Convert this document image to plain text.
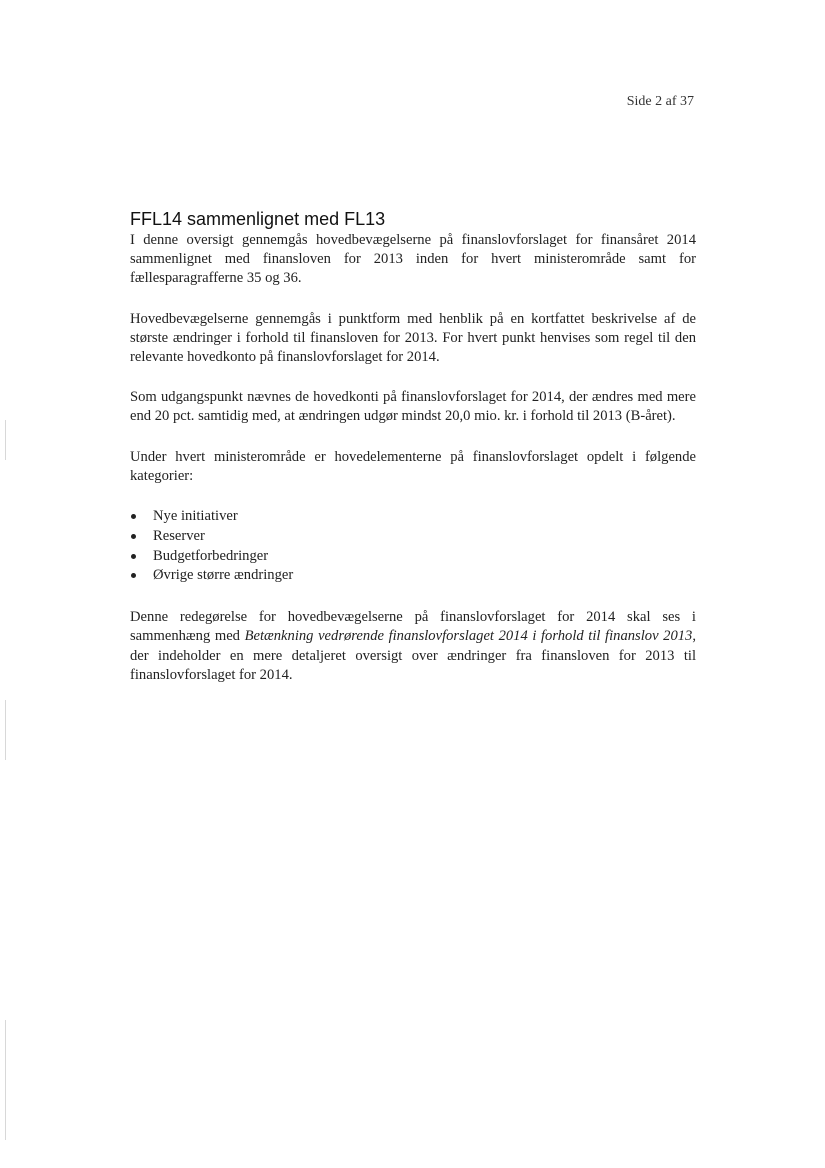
Side 2 af 37
FFL14 sammenlignet med FL13

I denne oversigt gennemgås hovedbevægelserne på finanslovforslaget for finansåret 2014 sammenlignet med finansloven for 2013 inden for hvert ministerområde samt for fællesparagrafferne 35 og 36.

Hovedbevægelserne gennemgås i punktform med henblik på en kortfattet beskrivelse af de største ændringer i forhold til finansloven for 2013. For hvert punkt henvises som regel til den relevante hovedkonto på finanslovforslaget for 2014.

Som udgangspunkt nævnes de hovedkonti på finanslovforslaget for 2014, der ændres med mere end 20 pct. samtidig med, at ændringen udgør mindst 20,0 mio. kr. i forhold til 2013 (B-året).

Under hvert ministerområde er hovedelementerne på finanslovforslaget opdelt i følgende kategorier:

Nye initiativer
Reserver
Budgetforbedringer
Øvrige større ændringer

Denne redegørelse for hovedbevægelserne på finanslovforslaget for 2014 skal ses i sammenhæng med Betænkning vedrørende finanslovforslaget 2014 i forhold til finanslov 2013, der indeholder en mere detaljeret oversigt over ændringer fra finansloven for 2013 til finanslovforslaget for 2014.
